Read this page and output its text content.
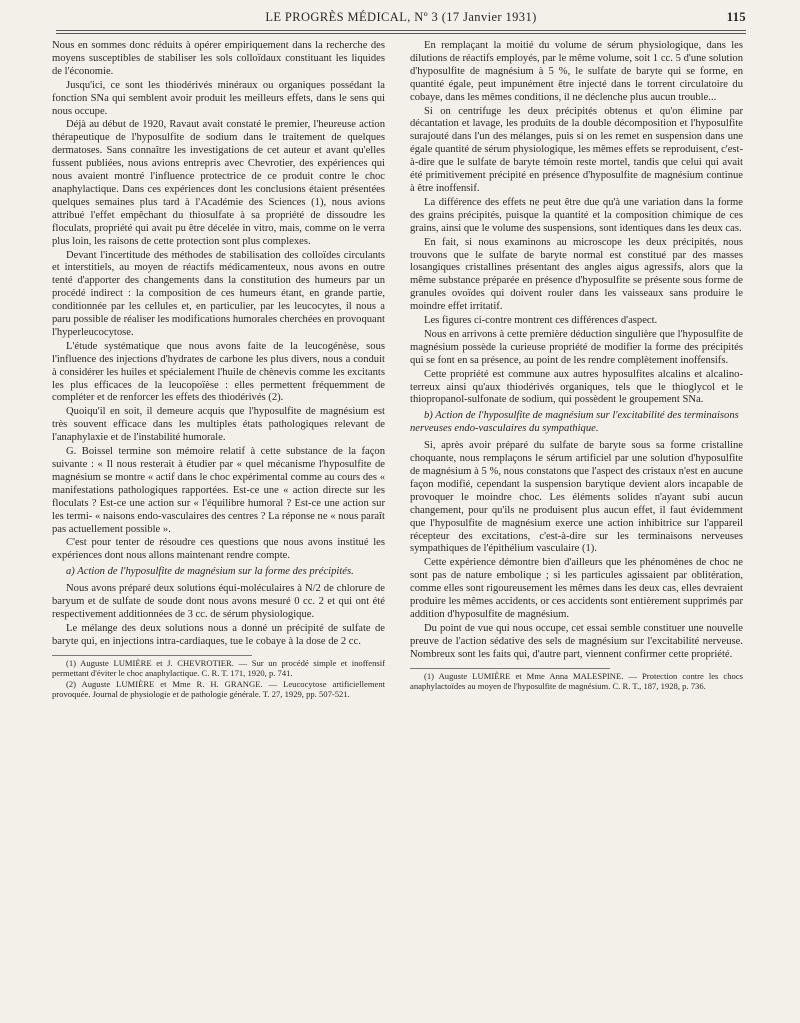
LE PROGRÈS MÉDICAL, Nº 3 (17 Janvier 1931)	115

Nous en sommes donc réduits à opérer empiriquement dans la recherche des moyens susceptibles de stabiliser les sols colloïdaux constituant les liquides de l'économie.

Jusqu'ici, ce sont les thiodérivés minéraux ou organiques possédant la fonction SNa qui semblent avoir produit les meilleurs effets, dans le sens qui nous occupe.

Déjà au début de 1920, Ravaut avait constaté le premier, l'heureuse action thérapeutique de l'hyposulfite de sodium dans le traitement de quelques dermatoses. Sans connaître les investigations de cet auteur et avant qu'elles fussent publiées, nous avions entrepris avec Chevrotier, des expériences qui nous avaient montré l'influence protectrice de ce produit contre le choc anaphylactique. Dans ces expériences dont les conclusions étaient présentées quelques semaines plus tard à l'Académie des Sciences (1), nous avions attribué l'effet empêchant du thiosulfate à sa propriété de dissoudre les floculats, propriété qui avait pu être décelée in vitro, mais, comme on le verra plus loin, les raisons de cette protection sont plus complexes.

Devant l'incertitude des méthodes de stabilisation des colloïdes circulants et interstitiels, au moyen de réactifs médicamenteux, nous avons en outre tenté d'apporter des changements dans la constitution des humeurs par un procédé indirect : la composition de ces humeurs étant, en grande partie, conditionnée par les cellules et, en particulier, par les leucocytes, il nous a paru possible de réaliser les modifications humorales cherchées en provoquant l'hyperleucocytose.

L'étude systématique que nous avons faite de la leucogénèse, sous l'influence des injections d'hydrates de carbone les plus divers, nous a conduit à considérer les huiles et spécialement l'huile de chènevis comme les excitants les plus efficaces de la leucopoïèse : elles permettent fréquemment de compléter et de renforcer les effets des thiodérivés (2).

Quoiqu'il en soit, il demeure acquis que l'hyposulfite de magnésium est très souvent efficace dans les multiples états pathologiques relevant de l'anaphylaxie et de l'instabilité humorale.

G. Boissel termine son mémoire relatif à cette substance de la façon suivante : « Il nous resterait à étudier par « quel mécanisme l'hyposulfite de magnésium se montre « actif dans le choc expérimental comme au cours des « manifestations pathologiques rapportées. Est-ce une « action directe sur les floculats ? Est-ce une action sur « l'équilibre humoral ? Est-ce une action sur les termi- « naisons endo-vasculaires des centres ? La réponse ne « nous paraît pas actuellement possible ».

C'est pour tenter de résoudre ces questions que nous avons institué les expériences dont nous allons maintenant rendre compte.

a) Action de l'hyposulfite de magnésium sur la forme des précipités.

Nous avons préparé deux solutions équi-moléculaires à N/2 de chlorure de baryum et de sulfate de soude dont nous avons mesuré 0 cc. 2 et qui ont été respectivement additionnées de 3 cc. de sérum physiologique.

Le mélange des deux solutions nous a donné un précipité de sulfate de baryte qui, en injections intra-cardiaques, tue le cobaye à la dose de 2 cc.

(1) Auguste LUMIÈRE et J. CHEVROTIER. — Sur un procédé simple et inoffensif permettant d'éviter le choc anaphylactique. C. R. T. 171, 1920, p. 741.

(2) Auguste LUMIÈRE et Mme R. H. GRANGE. — Leucocytose artificiellement provoquée. Journal de physiologie et de pathologie générale. T. 27, 1929, pp. 507-521.

En remplaçant la moitié du volume de sérum physiologique, dans les dilutions de réactifs employés, par le même volume, soit 1 cc. 5 d'une solution d'hyposulfite de magnésium à 5 %, le sulfate de baryte qui se forme, en quantité égale, peut impunément être injecté dans le torrent circulatoire du cobaye, dans les mêmes conditions, il ne déclenche plus aucun trouble...

Si on centrifuge les deux précipités obtenus et qu'on élimine par décantation et lavage, les produits de la double décomposition et l'hyposulfite surajouté dans l'un des mélanges, puis si on les remet en suspension dans une égale quantité de sérum physiologique, les mêmes effets se reproduisent, c'est-à-dire que le sulfate de baryte témoin reste mortel, tandis que celui qui avait été primitivement précipité en présence d'hyposulfite de magnésium continue à être inoffensif.

La différence des effets ne peut être due qu'à une variation dans la forme des grains précipités, puisque la quantité et la composition chimique de ces grains, ainsi que le volume des suspensions, sont identiques dans les deux cas.

En fait, si nous examinons au microscope les deux précipités, nous trouvons que le sulfate de baryte normal est constitué par des masses losangiques cristallines présentant des angles aigus agressifs, alors que la même substance préparée en présence d'hyposulfite se présente sous forme de granules ovoïdes qui doivent rouler dans les vaisseaux sans produire le moindre effet irritatif.

Les figures ci-contre montrent ces différences d'aspect.

Nous en arrivons à cette première déduction singulière que l'hyposulfite de magnésium possède la curieuse propriété de modifier la forme des précipités qui se font en sa présence, au point de les rendre complètement inoffensifs.

Cette propriété est commune aux autres hyposulfites alcalins et alcalino-terreux ainsi qu'aux thiodérivés organiques, tels que le thioglycol et le thiopropanol-sulfonate de sodium, qui possèdent le groupement SNa.

b) Action de l'hyposulfite de magnésium sur l'excitabilité des terminaisons nerveuses endo-vasculaires du sympathique.

Si, après avoir préparé du sulfate de baryte sous sa forme cristalline choquante, nous remplaçons le sérum artificiel par une solution d'hyposulfite de magnésium à 5 %, nous constatons que l'aspect des cristaux n'est en aucune façon modifié, cependant la suspension barytique devient alors incapable de provoquer le moindre choc. Les éléments solides n'ayant subi aucun changement, pour qu'ils ne produisent plus aucun effet, il faut évidemment que l'hyposulfite de magnésium exerce une action inhibitrice sur l'appareil récepteur des excitations, c'est-à-dire sur les terminaisons nerveuses sympathiques de l'épithélium vasculaire (1).

Cette expérience démontre bien d'ailleurs que les phénomènes de choc ne sont pas de nature embolique ; si les particules agissaient par oblitération, comme elles sont rigoureusement les mêmes dans les deux cas, elles devraient produire les mêmes accidents, or ces accidents sont entièrement supprimés par addition d'hyposulfite de magnésium.

Du point de vue qui nous occupe, cet essai semble constituer une nouvelle preuve de l'action sédative des sels de magnésium sur l'excitabilité nerveuse. Nombreux sont les faits qui, d'autre part, viennent confirmer cette propriété.

(1) Auguste LUMIÈRE et Mme Anna MALESPINE. — Protection contre les chocs anaphylactoïdes au moyen de l'hyposulfite de magnésium. C. R. T., 187, 1928, p. 736.
